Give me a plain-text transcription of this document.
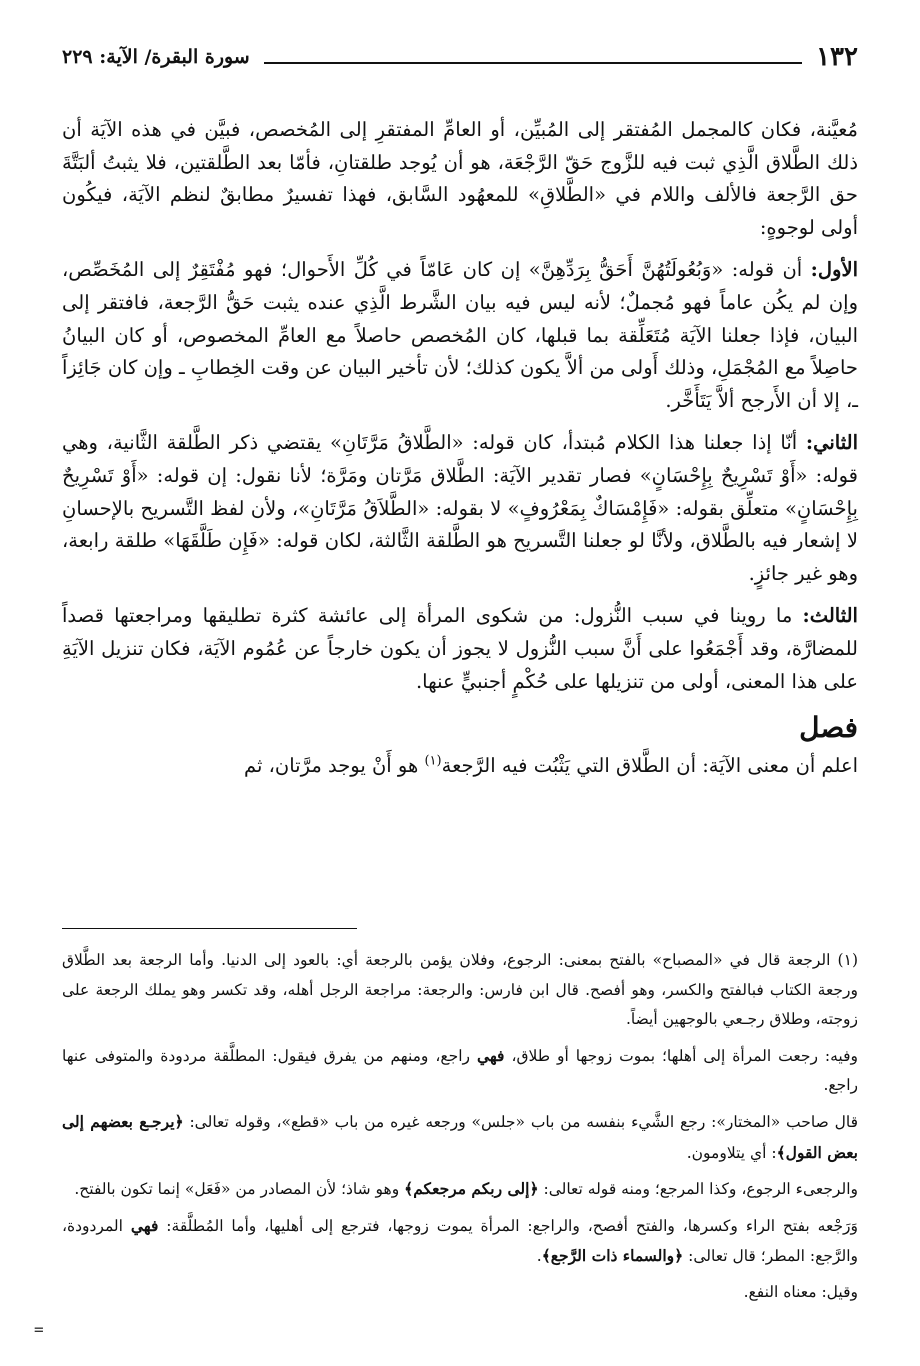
١٣٢
سورة البقرة/ الآية: ٢٢٩

مُعيَّنة، فكان كالمجمل المُفتقر إلى المُبيِّن، أو العامِّ المفتقرِ إلى المُخصص، فبيَّن في هذه الآيَة أن ذلك الطَّلاق الَّذِي ثبت فيه للزَّوج حَقّ الرَّجْعَة، هو أن يُوجد طلقتانِ، فأمّا بعد الطَّلقتين، فلا يثبتُ ألبَتَّةَ حق الرَّجعة فالألف واللام في «الطَّلاقِ» للمعهُود السَّابق، فهذا تفسيرٌ مطابقٌ لنظم الآيَة، فيكُون أولى لوجوهٍ:

الأول: أن قوله: «وَبُعُولَتُهُنَّ أَحَقُّ بِرَدِّهِنَّ» إن كان عَامّاً في كُلِّ الأَحوال؛ فهو مُفْتَقِرٌ إلى المُخَصِّص، وإن لم يكُن عاماً فهو مُجملٌ؛ لأنه ليس فيه بيان الشَّرط الَّذِي عنده يثبت حَقُّ الرَّجعة، فافتقر إلى البيان، فإذا جعلنا الآيَة مُتَعَلِّقة بما قبلها، كان المُخصص حاصلاً مع العامِّ المخصوص، أو كان البيانُ حاصِلاً مع المُجْمَلِ، وذلك أَولى من ألاَّ يكون كذلك؛ لأن تأخير البيان عن وقت الخِطابِ ـ وإن كان جَائِزاً ـ، إلا أن الأَرجح ألاَّ يَتَأَخَّر.

الثاني: أنّا إذا جعلنا هذا الكلام مُبتدأ، كان قوله: «الطَّلاقُ مَرَّتَانِ» يقتضي ذكر الطَّلقة الثَّانية، وهي قوله: «أَوْ تَسْرِيحٌ بِإِحْسَانٍ» فصار تقدير الآيَة: الطَّلاق مَرَّتان ومَرَّة؛ لأنا نقول: إن قوله: «أَوْ تَسْرِيحٌ بِإِحْسَانٍ» متعلِّق بقوله: «فَإِمْسَاكٌ بِمَعْرُوفٍ» لا بقوله: «الطَّلاَقُ مَرَّتَانِ»، ولأن لفظ التَّسريح بالإحسانِ لا إشعار فيه بالطَّلاق، ولأنَّا لو جعلنا التَّسريح هو الطَّلقة الثَّالثة، لكان قوله: «فَإِن طَلَّقَهَا» طلقة رابعة، وهو غير جائزٍ.

الثالث: ما روينا في سبب النُّزول: من شكوى المرأة إلى عائشة كثرة تطليقها ومراجعتها قصداً للمضارَّة، وقد أَجْمَعُوا على أَنَّ سبب النُّزول لا يجوز أن يكون خارجاً عن عُمُوم الآيَة، فكان تنزيل الآيَةِ على هذا المعنى، أولى من تنزيلها على حُكْمٍ أجنبيٍّ عنها.

فصل

اعلم أن معنى الآيَة: أن الطَّلاق التي يَثْبُت فيه الرَّجعة$^{(١)}$ هو أَنْ يوجد مرَّتان، ثم

(١) الرجعة قال في «المصباح» بالفتح بمعنى: الرجوع، وفلان يؤمن بالرجعة أي: بالعود إلى الدنيا. وأما الرجعة بعد الطَّلاق ورجعة الكتاب فبالفتح والكسر، وهو أفصح. قال ابن فارس: والرجعة: مراجعة الرجل أهله، وقد تكسر وهو يملك الرجعة على زوجته، وطلاق رجـعي بالوجهين أيضاً.

وفيه: رجعت المرأة إلى أهلها؛ بموت زوجها أو طلاق، فهي راجع، ومنهم من يفرق فيقول: المطلَّقة مردودة والمتوفى عنها راجع.

قال صاحب «المختار»: رجع الشَّيء بنفسه من باب «جلس» ورجعه غيره من باب «قطع»، وقوله تعالى: ﴿يرجـع بعضهم إلى بعض القول﴾: أي يتلاومون.

والرجعىء الرجوع، وكذا المرجع؛ ومنه قوله تعالى: ﴿إلى ربكم مرجعكم﴾ وهو شاذ؛ لأن المصادر من «فَعَل» إنما تكون بالفتح.

وَرَجْعه بفتح الراء وكسرها، والفتح أفصح، والراجع: المرأة يموت زوجها، فترجع إلى أهليها، وأما المُطلَّقة: فهي المردودة، والرَّجع: المطر؛ قال تعالى: ﴿والسماء ذات الرَّجع﴾.

وقيل: معناه النفع.

=
